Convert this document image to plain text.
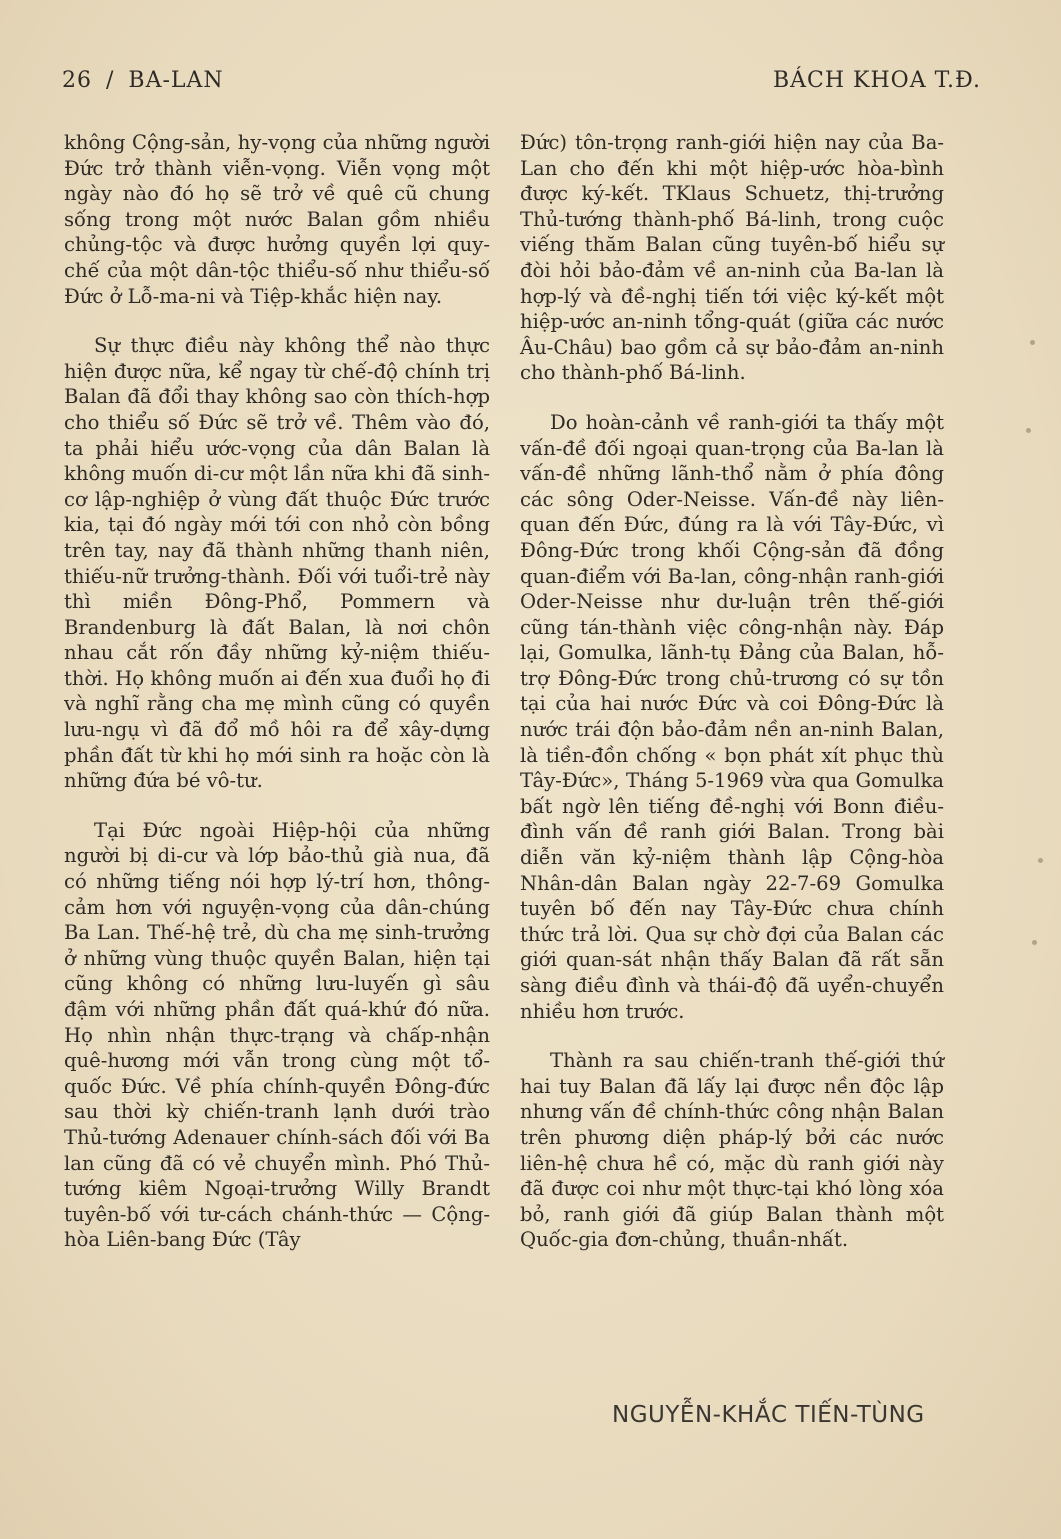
26 / BA-LAN	BÁCH KHOA T.Đ.

không Cộng-sản, hy-vọng của những người Đức trở thành viễn-vọng. Viễn vọng một ngày nào đó họ sẽ trở về quê cũ chung sống trong một nước Balan gồm nhiều chủng-tộc và được hưởng quyền lợi quy-chế của một dân-tộc thiểu-số như thiểu-số Đức ở Lỗ-ma-ni và Tiệp-khắc hiện nay.

Sự thực điều này không thể nào thực hiện được nữa, kể ngay từ chế-độ chính trị Balan đã đổi thay không sao còn thích-hợp cho thiểu số Đức sẽ trở về. Thêm vào đó, ta phải hiểu ước-vọng của dân Balan là không muốn di-cư một lần nữa khi đã sinh-cơ lập-nghiệp ở vùng đất thuộc Đức trước kia, tại đó ngày mới tới con nhỏ còn bồng trên tay, nay đã thành những thanh niên, thiếu-nữ trưởng-thành. Đối với tuổi-trẻ này thì miền Đông-Phổ, Pommern và Brandenburg là đất Balan, là nơi chôn nhau cắt rốn đầy những kỷ-niệm thiếu-thời. Họ không muốn ai đến xua đuổi họ đi và nghĩ rằng cha mẹ mình cũng có quyền lưu-ngụ vì đã đổ mồ hôi ra để xây-dựng phần đất từ khi họ mới sinh ra hoặc còn là những đứa bé vô-tư.

Tại Đức ngoài Hiệp-hội của những người bị di-cư và lớp bảo-thủ già nua, đã có những tiếng nói hợp lý-trí hơn, thông-cảm hơn với nguyện-vọng của dân-chúng Ba Lan. Thế-hệ trẻ, dù cha mẹ sinh-trưởng ở những vùng thuộc quyền Balan, hiện tại cũng không có những lưu-luyến gì sâu đậm với những phần đất quá-khứ đó nữa. Họ nhìn nhận thực-trạng và chấp-nhận quê-hương mới vẫn trong cùng một tổ-quốc Đức. Về phía chính-quyền Đông-đức sau thời kỳ chiến-tranh lạnh dưới trào Thủ-tướng Adenauer chính-sách đối với Ba lan cũng đã có vẻ chuyển mình. Phó Thủ-tướng kiêm Ngoại-trưởng Willy Brandt tuyên-bố với tư-cách chánh-thức — Cộng-hòa Liên-bang Đức (Tây

Đức) tôn-trọng ranh-giới hiện nay của Ba-Lan cho đến khi một hiệp-ước hòa-bình được ký-kết. TKlaus Schuetz, thị-trưởng Thủ-tướng thành-phố Bá-linh, trong cuộc viếng thăm Balan cũng tuyên-bố hiểu sự đòi hỏi bảo-đảm về an-ninh của Ba-lan là hợp-lý và đề-nghị tiến tới việc ký-kết một hiệp-ước an-ninh tổng-quát (giữa các nước Âu-Châu) bao gồm cả sự bảo-đảm an-ninh cho thành-phố Bá-linh.

Do hoàn-cảnh về ranh-giới ta thấy một vấn-đề đối ngoại quan-trọng của Ba-lan là vấn-đề những lãnh-thổ nằm ở phía đông các sông Oder-Neisse. Vấn-đề này liên-quan đến Đức, đúng ra là với Tây-Đức, vì Đông-Đức trong khối Cộng-sản đã đồng quan-điểm với Ba-lan, công-nhận ranh-giới Oder-Neisse như dư-luận trên thế-giới cũng tán-thành việc công-nhận này. Đáp lại, Gomulka, lãnh-tụ Đảng của Balan, hỗ-trợ Đông-Đức trong chủ-trương có sự tồn tại của hai nước Đức và coi Đông-Đức là nước trái độn bảo-đảm nền an-ninh Balan, là tiền-đồn chống « bọn phát xít phục thù Tây-Đức», Tháng 5-1969 vừa qua Gomulka bất ngờ lên tiếng đề-nghị với Bonn điều-đình vấn đề ranh giới Balan. Trong bài diễn văn kỷ-niệm thành lập Cộng-hòa Nhân-dân Balan ngày 22-7-69 Gomulka tuyên bố đến nay Tây-Đức chưa chính thức trả lời. Qua sự chờ đợi của Balan các giới quan-sát nhận thấy Balan đã rất sẵn sàng điều đình và thái-độ đã uyển-chuyển nhiều hơn trước.

Thành ra sau chiến-tranh thế-giới thứ hai tuy Balan đã lấy lại được nền độc lập nhưng vấn đề chính-thức công nhận Balan trên phương diện pháp-lý bởi các nước liên-hệ chưa hề có, mặc dù ranh giới này đã được coi như một thực-tại khó lòng xóa bỏ, ranh giới đã giúp Balan thành một Quốc-gia đơn-chủng, thuần-nhất.

NGUYỄN-KHẮC TIẾN-TÙNG
